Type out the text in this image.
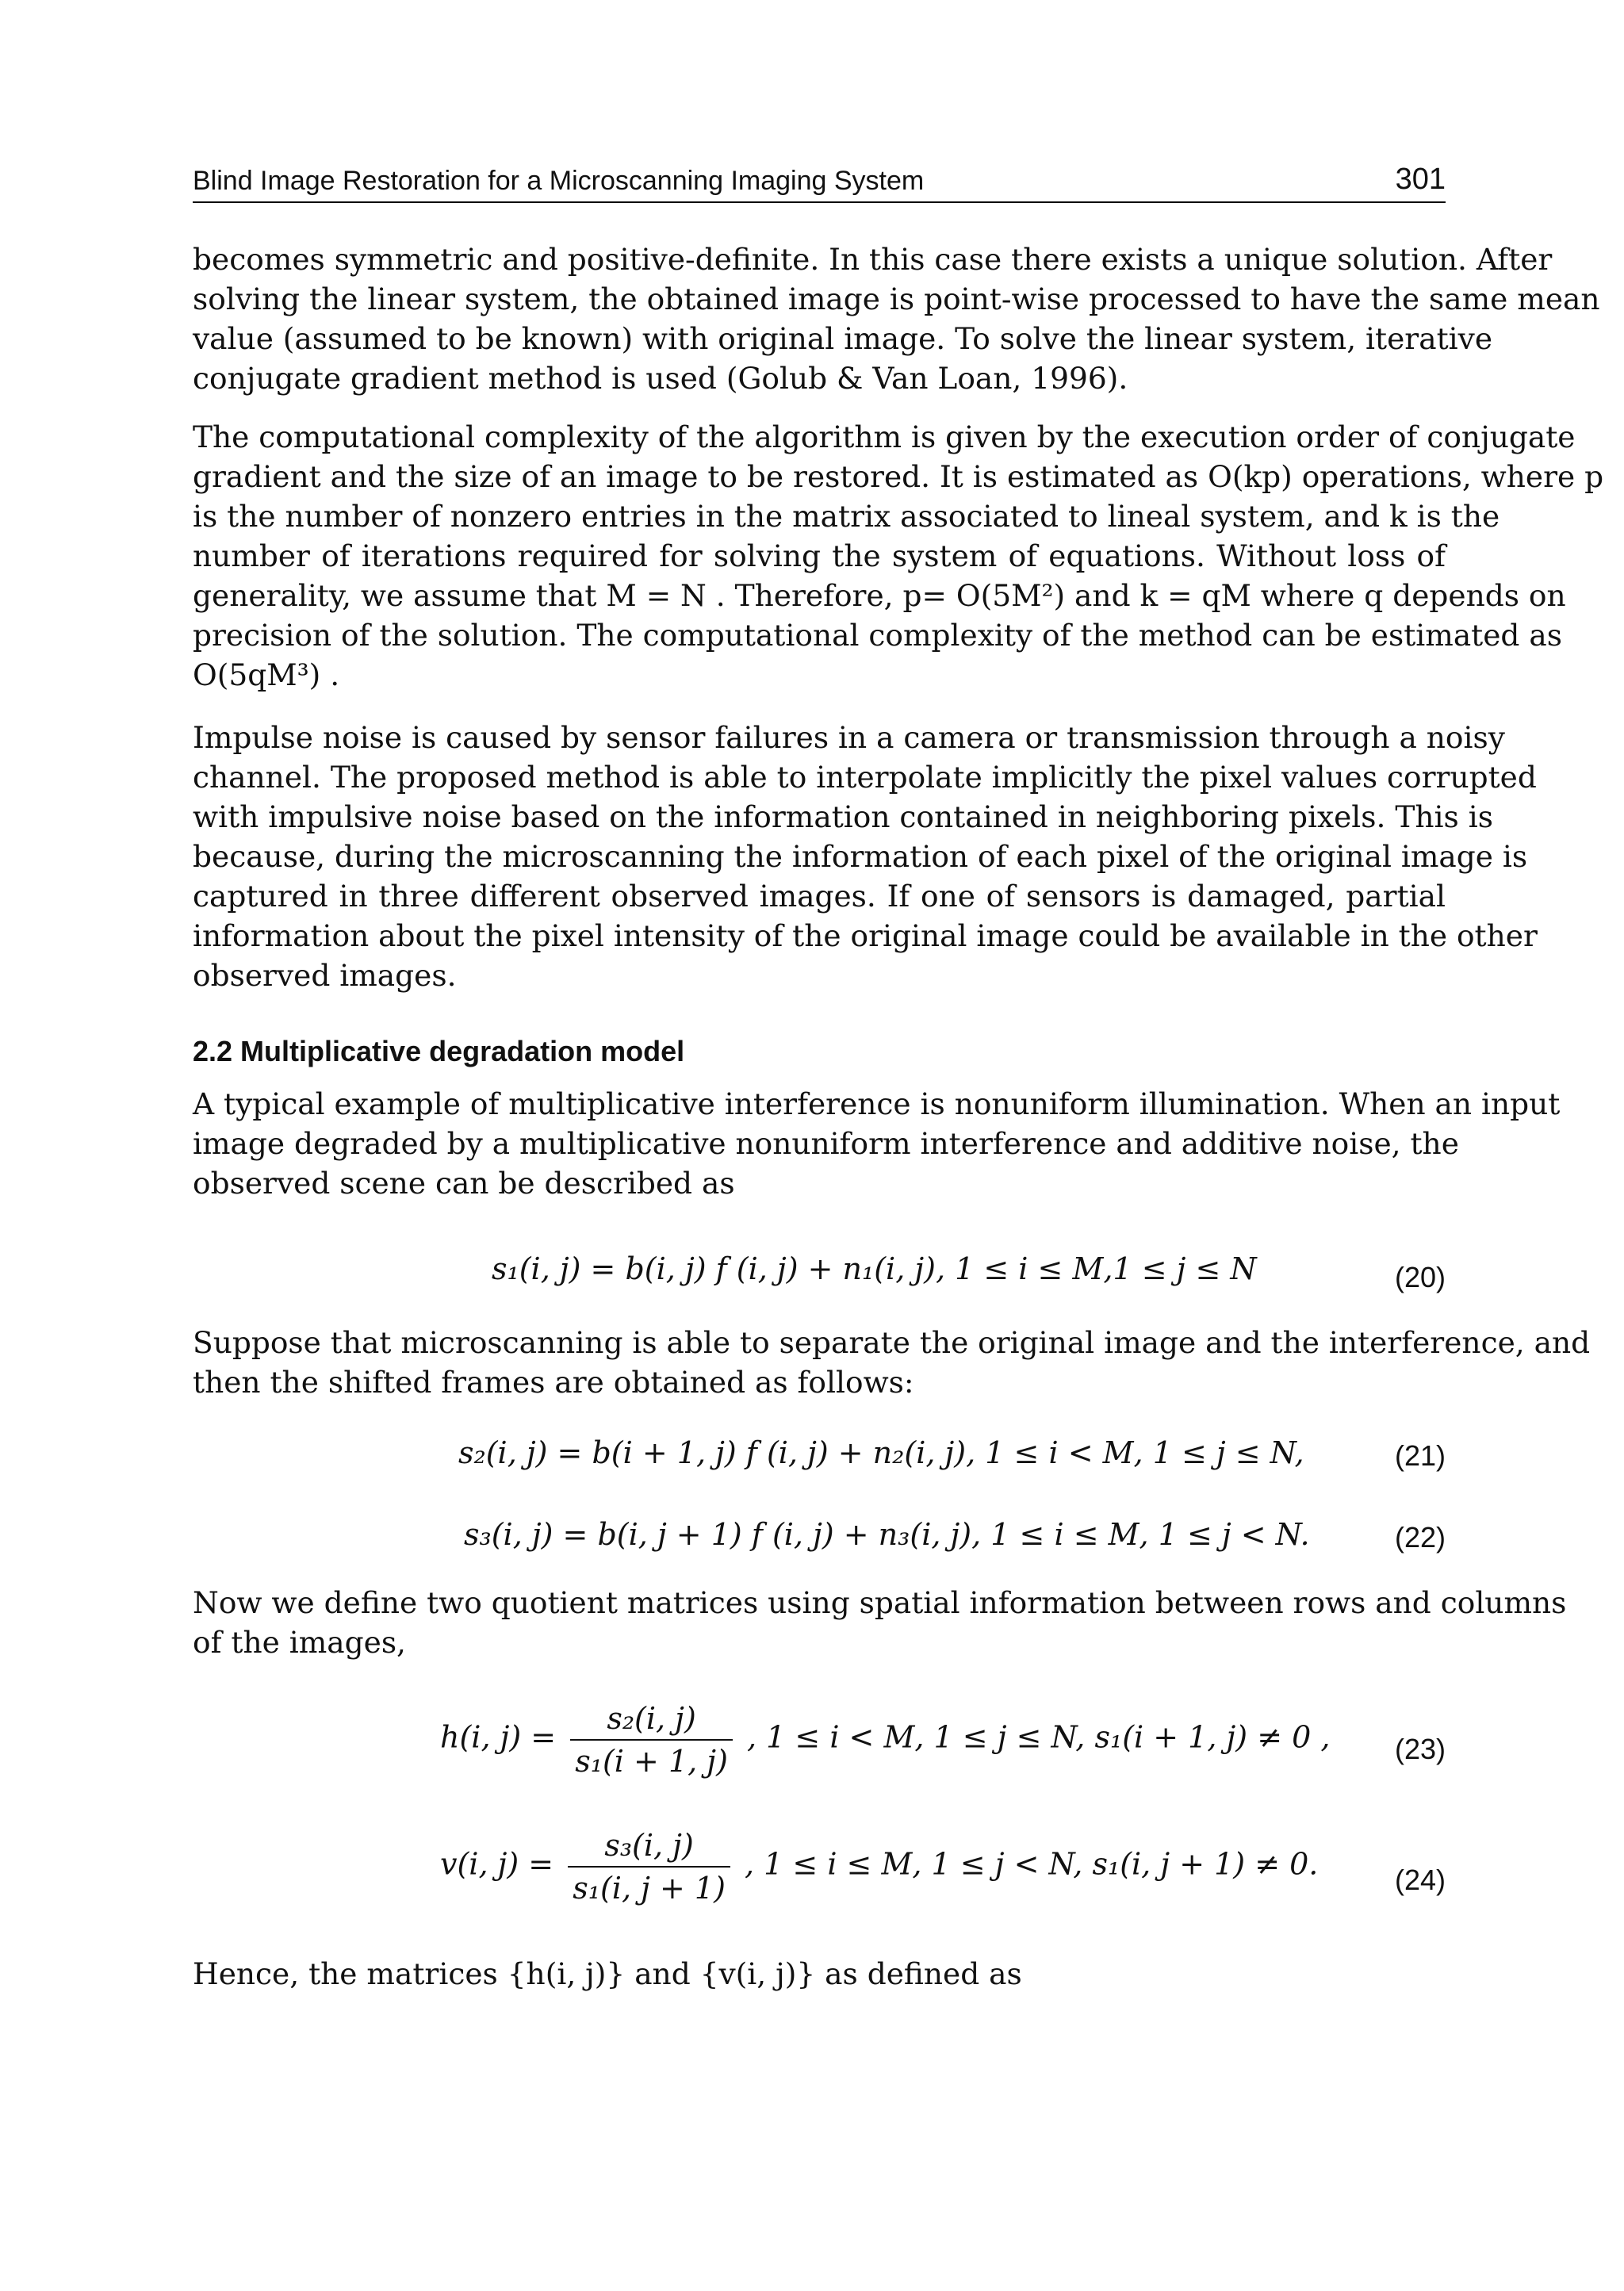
Blind Image Restoration for a Microscanning Imaging System	301
becomes symmetric and positive-definite. In this case there exists a unique solution. After
solving the linear system, the obtained image is point-wise processed to have the same mean
value (assumed to be known) with original image. To solve the linear system, iterative
conjugate gradient method is used (Golub & Van Loan, 1996).
The computational complexity of the algorithm is given by the execution order of conjugate
gradient and the size of an image to be restored. It is estimated as O(kp) operations, where p
is the number of nonzero entries in the matrix associated to lineal system, and k is the
number of iterations required for solving the system of equations. Without loss of
generality, we assume that M = N . Therefore, p= O(5M²) and k = qM where q depends on
precision of the solution. The computational complexity of the method can be estimated as
O(5qM³) .
Impulse noise is caused by sensor failures in a camera or transmission through a noisy
channel. The proposed method is able to interpolate implicitly the pixel values corrupted
with impulsive noise based on the information contained in neighboring pixels. This is
because, during the microscanning the information of each pixel of the original image is
captured in three different observed images. If one of sensors is damaged, partial
information about the pixel intensity of the original image could be available in the other
observed images.
2.2 Multiplicative degradation model
A typical example of multiplicative interference is nonuniform illumination. When an input
image degraded by a multiplicative nonuniform interference and additive noise, the
observed scene can be described as
s₁(i, j) = b(i, j) f (i, j) + n₁(i, j), 1 ≤ i ≤ M,1 ≤ j ≤ N	(20)
Suppose that microscanning is able to separate the original image and the interference, and
then the shifted frames are obtained as follows:
s₂(i, j) = b(i + 1, j) f (i, j) + n₂(i, j), 1 ≤ i < M, 1 ≤ j ≤ N,	(21)
s₃(i, j) = b(i, j + 1) f (i, j) + n₃(i, j), 1 ≤ i ≤ M, 1 ≤ j < N.	(22)
Now we define two quotient matrices using spatial information between rows and columns
of the images,
h(i, $j) = \frac{\text{s₂(i, j)}}{\text{s₁(i + 1, j)}}$ , 1 ≤ i < M, 1 ≤ j ≤ N, s₁(i + 1, j) ≠ 0 , (23)
v(i, $j) = \frac{\text{s₃(i, j)}}{\text{s₁(i, j + 1)}}$ , 1 ≤ i ≤ M, 1 ≤ j < N, s₁(i, j + 1) ≠ 0.	(24)
Hence, the matrices {h(i, j)} and {v(i, j)} as defined as
